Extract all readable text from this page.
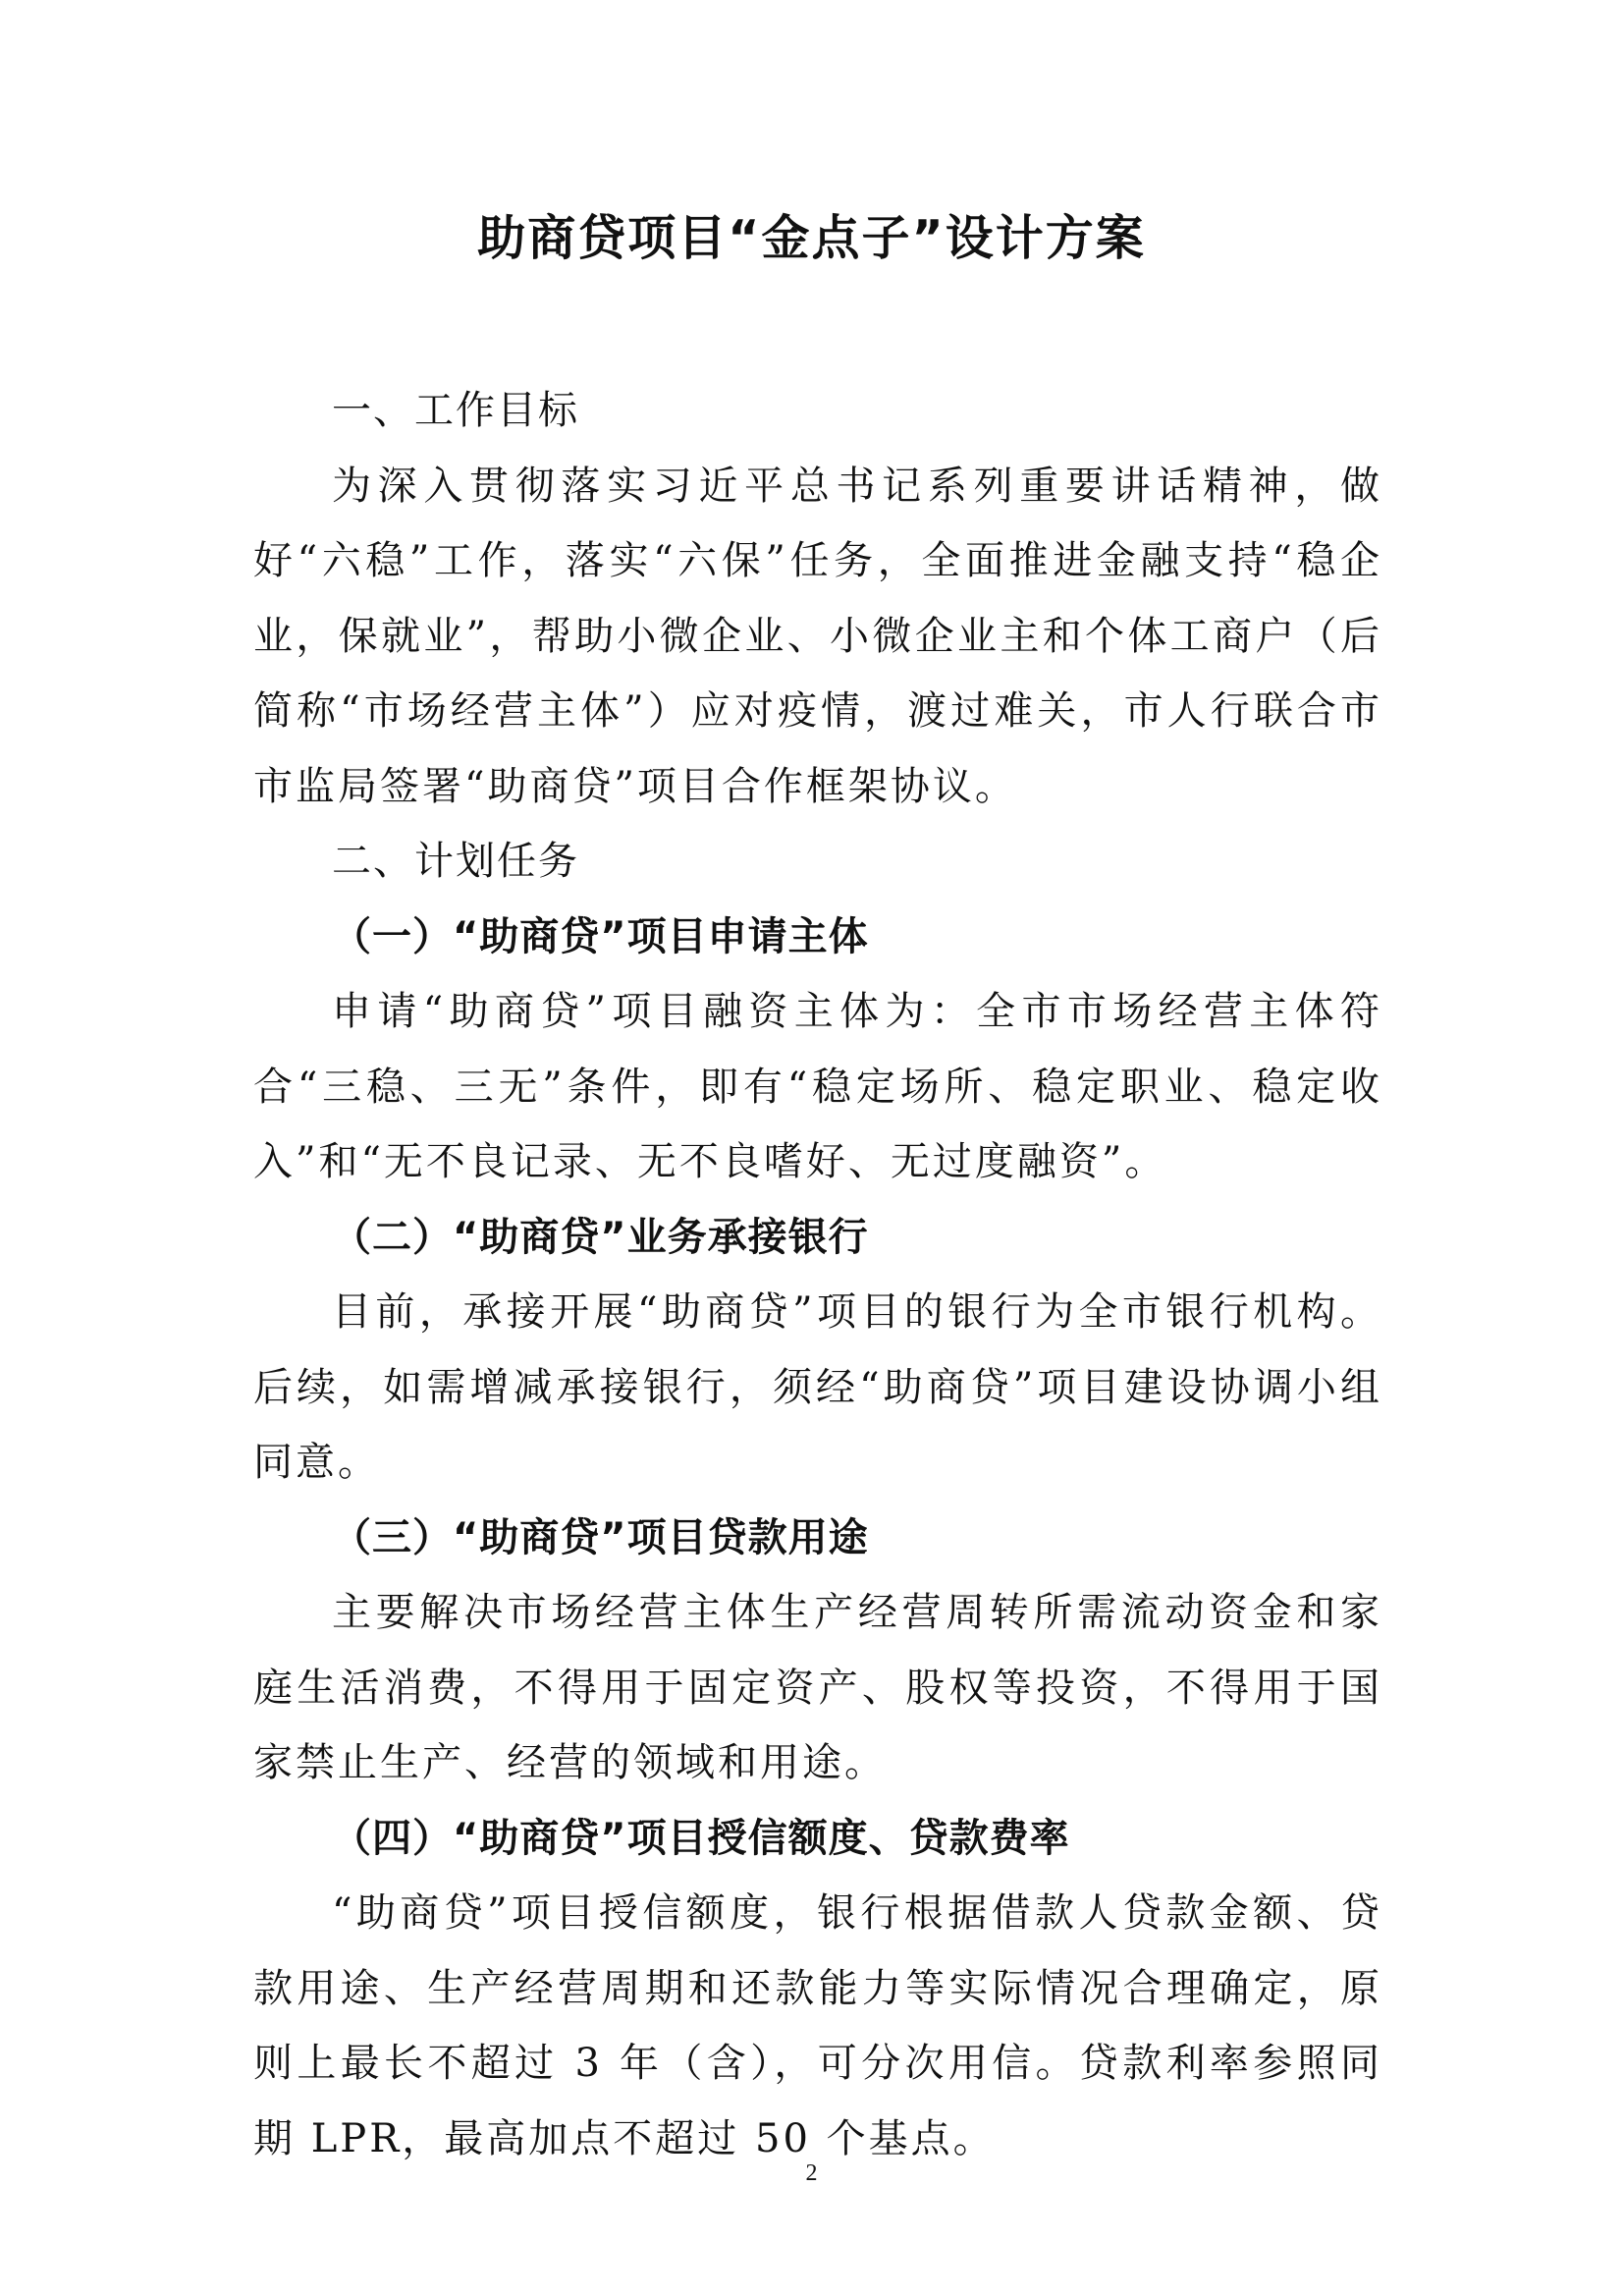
助商贷项目“金点子”设计方案

一、工作目标

为深入贯彻落实习近平总书记系列重要讲话精神，做好“六稳”工作，落实“六保”任务，全面推进金融支持“稳企业，保就业”，帮助小微企业、小微企业主和个体工商户（后简称“市场经营主体”）应对疫情，渡过难关，市人行联合市市监局签署“助商贷”项目合作框架协议。

二、计划任务

（一）“助商贷”项目申请主体

申请“助商贷”项目融资主体为：全市市场经营主体符合“三稳、三无”条件，即有“稳定场所、稳定职业、稳定收入”和“无不良记录、无不良嗜好、无过度融资”。

（二）“助商贷”业务承接银行

目前，承接开展“助商贷”项目的银行为全市银行机构。后续，如需增减承接银行，须经“助商贷”项目建设协调小组同意。

（三）“助商贷”项目贷款用途

主要解决市场经营主体生产经营周转所需流动资金和家庭生活消费，不得用于固定资产、股权等投资，不得用于国家禁止生产、经营的领域和用途。

（四）“助商贷”项目授信额度、贷款费率

“助商贷”项目授信额度，银行根据借款人贷款金额、贷款用途、生产经营周期和还款能力等实际情况合理确定，原则上最长不超过 3 年（含），可分次用信。贷款利率参照同期 LPR，最高加点不超过 50 个基点。

2
